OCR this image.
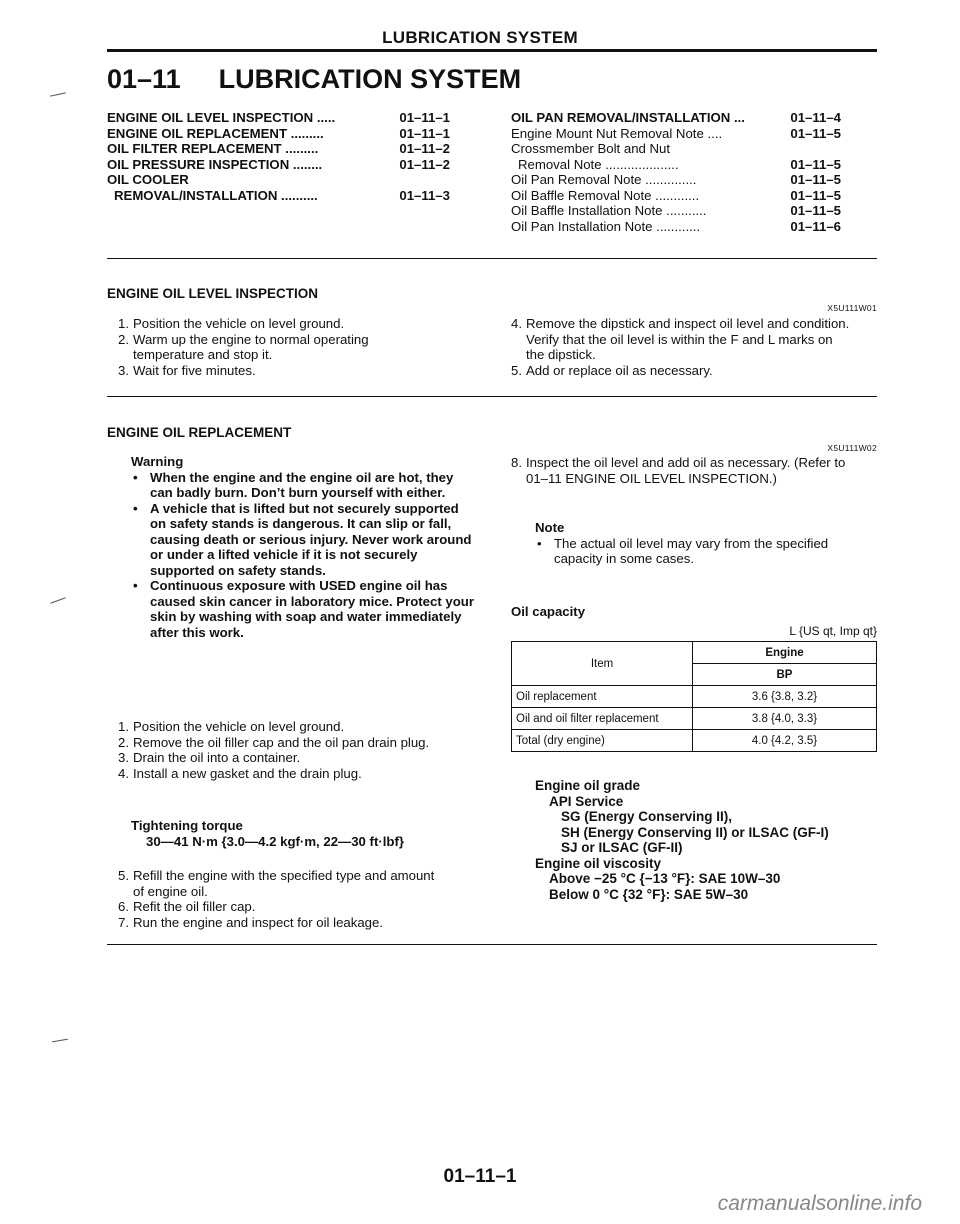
LUBRICATION SYSTEM
01–11 LUBRICATION SYSTEM
ENGINE OIL LEVEL INSPECTION .....	01–11–1
ENGINE OIL REPLACEMENT .........	01–11–1
OIL FILTER REPLACEMENT .........	01–11–2
OIL PRESSURE INSPECTION ........	01–11–2
OIL COOLER
REMOVAL/INSTALLATION ..........	01–11–3
OIL PAN REMOVAL/INSTALLATION ...	01–11–4
Engine Mount Nut Removal Note ....	01–11–5
Crossmember Bolt and Nut
Removal Note ....................	01–11–5
Oil Pan Removal Note ..............	01–11–5
Oil Baffle Removal Note ............	01–11–5
Oil Baffle Installation Note ...........	01–11–5
Oil Pan Installation Note ............	01–11–6
ENGINE OIL LEVEL INSPECTION
X5U111W01
1. Position the vehicle on level ground.
2. Warm up the engine to normal operating temperature and stop it.
3. Wait for five minutes.
4. Remove the dipstick and inspect oil level and condition. Verify that the oil level is within the F and L marks on the dipstick.
5. Add or replace oil as necessary.
ENGINE OIL REPLACEMENT
X5U111W02
Warning
• When the engine and the engine oil are hot, they can badly burn. Don’t burn yourself with either.
• A vehicle that is lifted but not securely supported on safety stands is dangerous. It can slip or fall, causing death or serious injury. Never work around or under a lifted vehicle if it is not securely supported on safety stands.
• Continuous exposure with USED engine oil has caused skin cancer in laboratory mice. Protect your skin by washing with soap and water immediately after this work.
1. Position the vehicle on level ground.
2. Remove the oil filler cap and the oil pan drain plug.
3. Drain the oil into a container.
4. Install a new gasket and the drain plug.
Tightening torque
30—41 N·m {3.0—4.2 kgf·m, 22—30 ft·lbf}
5. Refill the engine with the specified type and amount of engine oil.
6. Refit the oil filler cap.
7. Run the engine and inspect for oil leakage.
8. Inspect the oil level and add oil as necessary. (Refer to 01–11 ENGINE OIL LEVEL INSPECTION.)
Note
• The actual oil level may vary from the specified capacity in some cases.
Oil capacity
L {US qt, Imp qt}
Item	Engine
	BP
Oil replacement	3.6 {3.8, 3.2}
Oil and oil filter replacement	3.8 {4.0, 3.3}
Total (dry engine)	4.0 {4.2, 3.5}
Engine oil grade
API Service
SG (Energy Conserving II),
SH (Energy Conserving II) or ILSAC (GF-I)
SJ or ILSAC (GF-II)
Engine oil viscosity
Above −25 °C {−13 °F}: SAE 10W–30
Below 0 °C {32 °F}: SAE 5W–30
01–11–1
carmanualsonline.info
